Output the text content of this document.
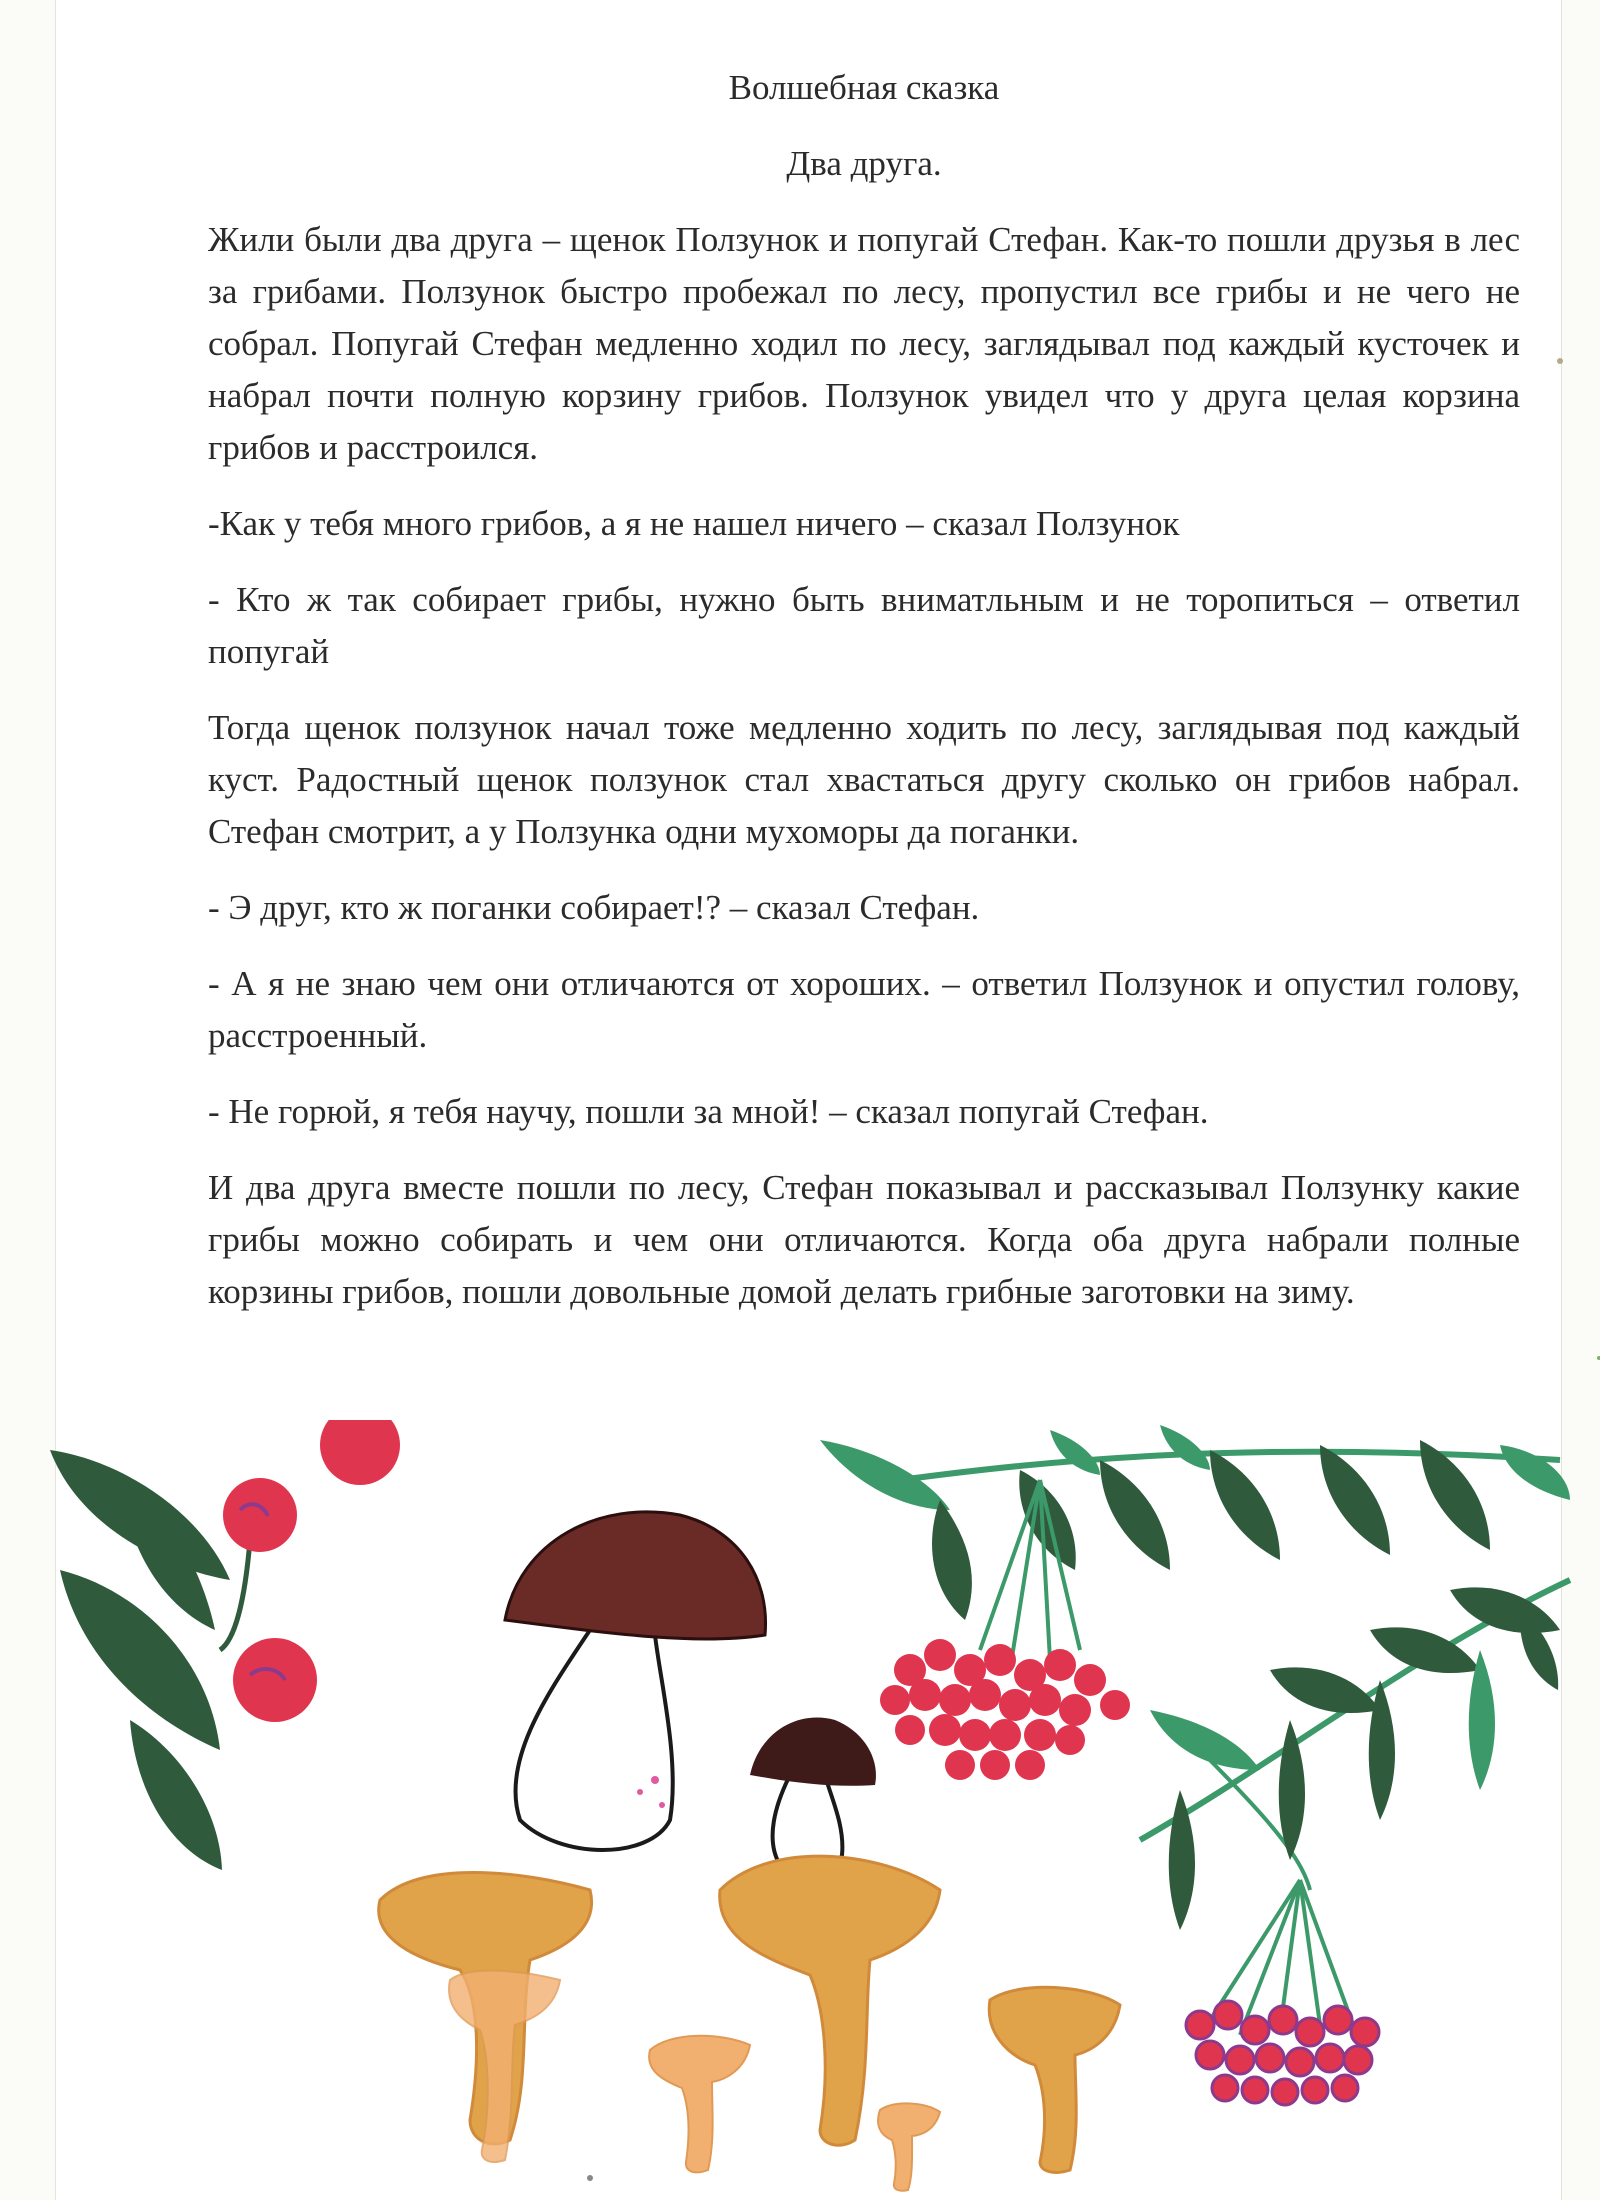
Волшебная сказка

Два друга.

Жили были два друга – щенок Ползунок и попугай Стефан. Как-то пошли друзья в лес за грибами. Ползунок быстро пробежал по лесу, пропустил все грибы и не чего не собрал. Попугай Стефан медленно ходил по лесу, заглядывал под каждый кусточек и набрал почти полную корзину грибов. Ползунок увидел что у друга целая корзина грибов и расстроился.

-Как у тебя много грибов, а я не нашел ничего – сказал Ползунок

- Кто ж так собирает грибы, нужно быть вниматльным и не торопиться – ответил попугай

Тогда щенок ползунок начал тоже медленно ходить по лесу, заглядывая под каждый куст. Радостный щенок ползунок стал хвастаться другу сколько он грибов набрал. Стефан смотрит, а у Ползунка одни мухоморы да поганки.

- Э друг, кто ж поганки собирает!? – сказал Стефан.

- А я не знаю чем они отличаются от хороших. – ответил Ползунок и опустил голову, расстроенный.

- Не горюй, я тебя научу, пошли за мной! – сказал попугай Стефан.

И два друга вместе пошли по лесу, Стефан показывал и рассказывал Ползунку какие грибы можно собирать и чем они отличаются. Когда оба друга набрали полные корзины грибов, пошли довольные домой делать грибные заготовки на зиму.
